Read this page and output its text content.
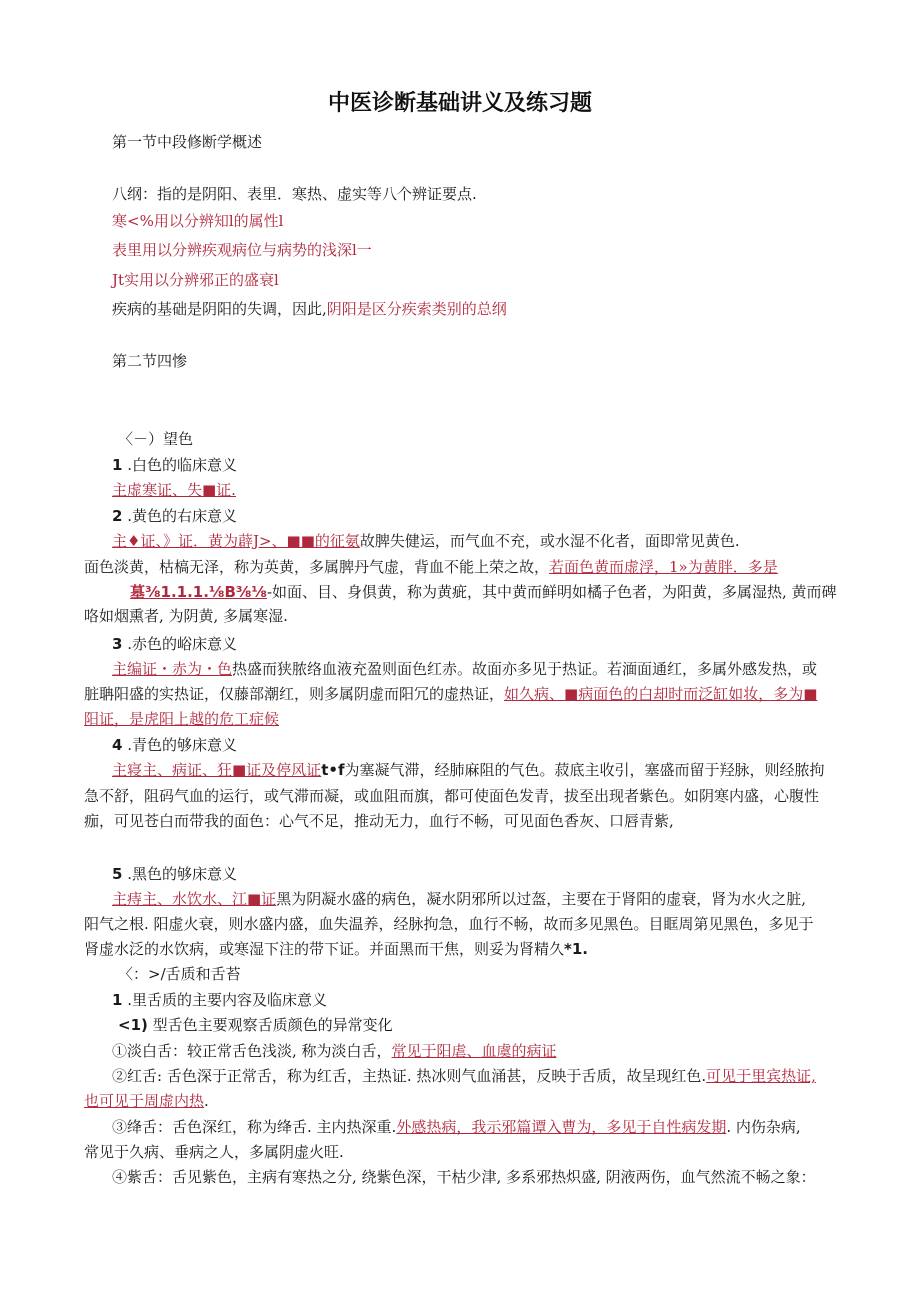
中医诊断基础讲义及练习题
第一节中段修断学概述
八纲：指的是阴阳、表里．寒热、虚实等八个辨证要点.
寒<%用以分辨知l的属性l
表里用以分辨疾观病位与病势的浅深l一
Jt实用以分辨邪正的盛衰l
疾病的基础是阴阳的失调，因此,阴阳是区分疾索类别的总纲
第二节四惨
〈－）望色
1 .白色的临床意义
主虚寒证、失■证.
2 .黄色的右床意义
主♦证、》证．黄为薜J>、■■的征氨故脾失健运，而气血不充，或水湿不化者，面即常见黄色.
面色淡黄，枯槁无泽，称为英黄，多属脾丹气虚，背血不能上荣之故，若面色黄而虚浮，1»为黄胖．多是
墓⅜1.1.1.⅛B⅜⅛-如面、目、身俱黄，称为黄疵，其中黄而鲜明如橘子色者，为阳黄，多属湿热, 黄而碑
咯如烟熏者, 为阴黄, 多属寒湿.
3 .赤色的峪床意义
主编证・赤为・色热盛而狭脓络血液充盈则面色红赤。故面亦多见于热证。若湎面通红，多属外感发热，或
脏聃阳盛的实热证，仅藤部潮红，则多属阴虚而阳冗的虚热证，如久病、■病面色的白却时而泛缸如妆，多为■
阳证，是虎阳上越的危工症候
4 .青色的够床意义
主寝主、病证、狂■证及停风证t•f为塞凝气滞，经肺麻阻的气色。菽底主收引，塞盛而留于羟脉，则经脓拘
急不舒，阻码气血的运行，或气滞而凝，或血阻而旗，都可使面色发青，拔至出现者紫色。如阴寒内盛，心腹性
痂，可见苍白而带我的面色：心气不足，推动无力，血行不畅，可见面色香灰、口唇青紫,
5 .黑色的够床意义
主痔主、水饮水、江■证黑为阴凝水盛的病色，凝水阴邪所以过盔，主要在于肾阳的虚衰，肾为水火之脏,
阳气之根. 阳虚火衰，则水盛内盛，血失温养，经脉拘急，血行不畅，故而多见黑色。目眶周第见黑色，多见于
肾虚水泛的水饮病，或寒湿下注的带下证。并面黑而干焦，则妥为肾精久*1.
〈：>/舌质和舌苔
1 .里舌质的主要内容及临床意义
<1) 型舌色主要观察舌质颜色的异常变化
①淡白舌：较正常舌色浅淡, 称为淡白舌，常见于阳虐、血虞的病证
②红舌: 舌色深于正常舌，称为红舌，主热证. 热冰则气血涌甚，反映于舌质，故呈现红色.可见于里宾热证,
也可见于周虚内热.
③绛舌：舌色深红，称为绛舌. 主内热深重.外感热病，我示邪篇谭入曹为，多见于自性病发期. 内伤杂病,
常见于久病、垂病之人，多属阴虚火旺.
④紫舌：舌见紫色，主病有寒热之分, 绕紫色深，干枯少津, 多系邪热炽盛, 阴液两伤，血气然流不畅之象：
